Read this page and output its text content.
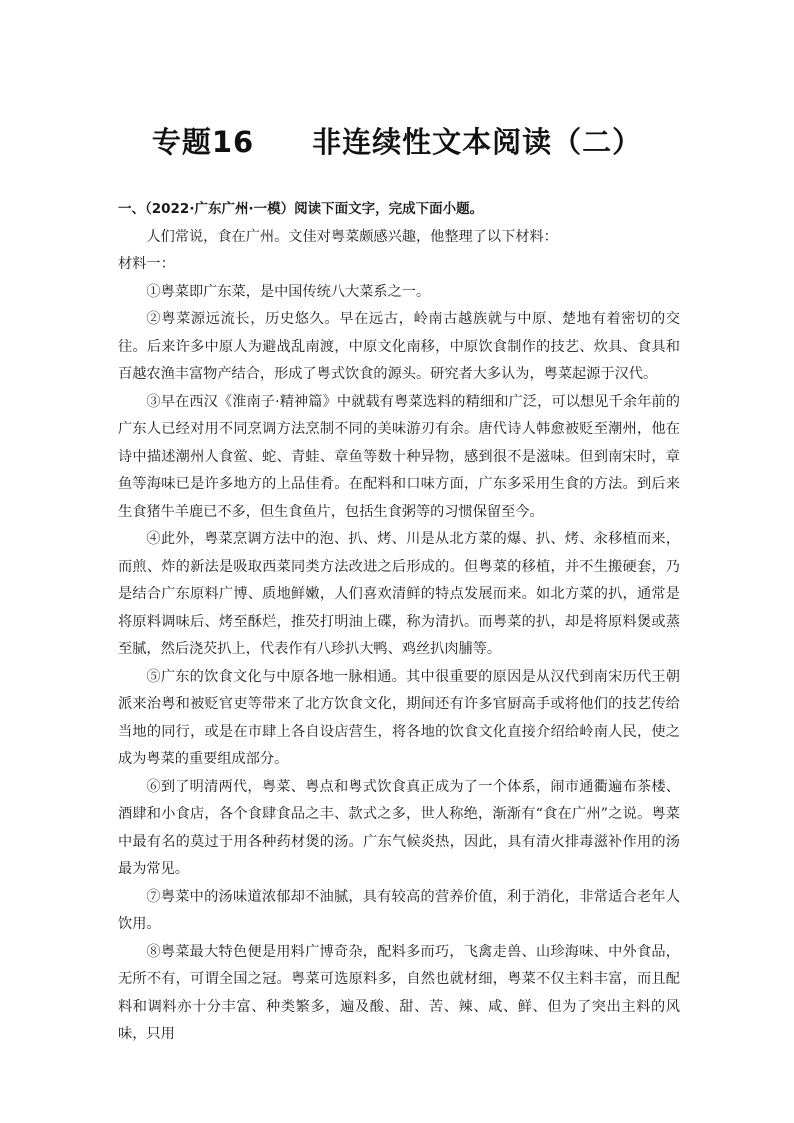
专题16 非连续性文本阅读（二）

一、（2022·广东广州·一模）阅读下面文字，完成下面小题。

人们常说，食在广州。文佳对粤菜颇感兴趣，他整理了以下材料：

材料一：

①粤菜即广东菜，是中国传统八大菜系之一。

②粤菜源远流长，历史悠久。早在远古，岭南古越族就与中原、楚地有着密切的交往。后来许多中原人为避战乱南渡，中原文化南移，中原饮食制作的技艺、炊具、食具和百越农渔丰富物产结合，形成了粤式饮食的源头。研究者大多认为，粤菜起源于汉代。

③早在西汉《淮南子·精神篇》中就载有粤菜选料的精细和广泛，可以想见千余年前的广东人已经对用不同烹调方法烹制不同的美味游刃有余。唐代诗人韩愈被贬至潮州，他在诗中描述潮州人食鲎、蛇、青蛙、章鱼等数十种异物，感到很不是滋味。但到南宋时，章鱼等海味已是许多地方的上品佳肴。在配料和口味方面，广东多采用生食的方法。到后来生食猪牛羊鹿已不多，但生食鱼片，包括生食粥等的习惯保留至今。

④此外，粤菜烹调方法中的泡、扒、烤、川是从北方菜的爆、扒、烤、汆移植而来，而煎、炸的新法是吸取西菜同类方法改进之后形成的。但粤菜的移植，并不生搬硬套，乃是结合广东原料广博、质地鲜嫩，人们喜欢清鲜的特点发展而来。如北方菜的扒，通常是将原料调味后、烤至酥烂，推芡打明油上碟，称为清扒。而粤菜的扒，却是将原料煲或蒸至腻，然后浇芡扒上，代表作有八珍扒大鸭、鸡丝扒肉脯等。

⑤广东的饮食文化与中原各地一脉相通。其中很重要的原因是从汉代到南宋历代王朝派来治粤和被贬官吏等带来了北方饮食文化，期间还有许多官厨高手或将他们的技艺传给当地的同行，或是在市肆上各自设店营生，将各地的饮食文化直接介绍给岭南人民，使之成为粤菜的重要组成部分。

⑥到了明清两代，粤菜、粤点和粤式饮食真正成为了一个体系，闹市通衢遍布茶楼、酒肆和小食店，各个食肆食品之丰、款式之多，世人称绝，渐渐有“食在广州”之说。粤菜中最有名的莫过于用各种药材煲的汤。广东气候炎热，因此，具有清火排毒滋补作用的汤最为常见。

⑦粤菜中的汤味道浓郁却不油腻，具有较高的营养价值，利于消化，非常适合老年人饮用。

⑧粤菜最大特色便是用料广博奇杂，配料多而巧，飞禽走兽、山珍海味、中外食品，无所不有，可谓全国之冠。粤菜可选原料多，自然也就材细，粤菜不仅主料丰富，而且配料和调料亦十分丰富、种类繁多，遍及酸、甜、苦、辣、咸、鲜、但为了突出主料的风味，只用
